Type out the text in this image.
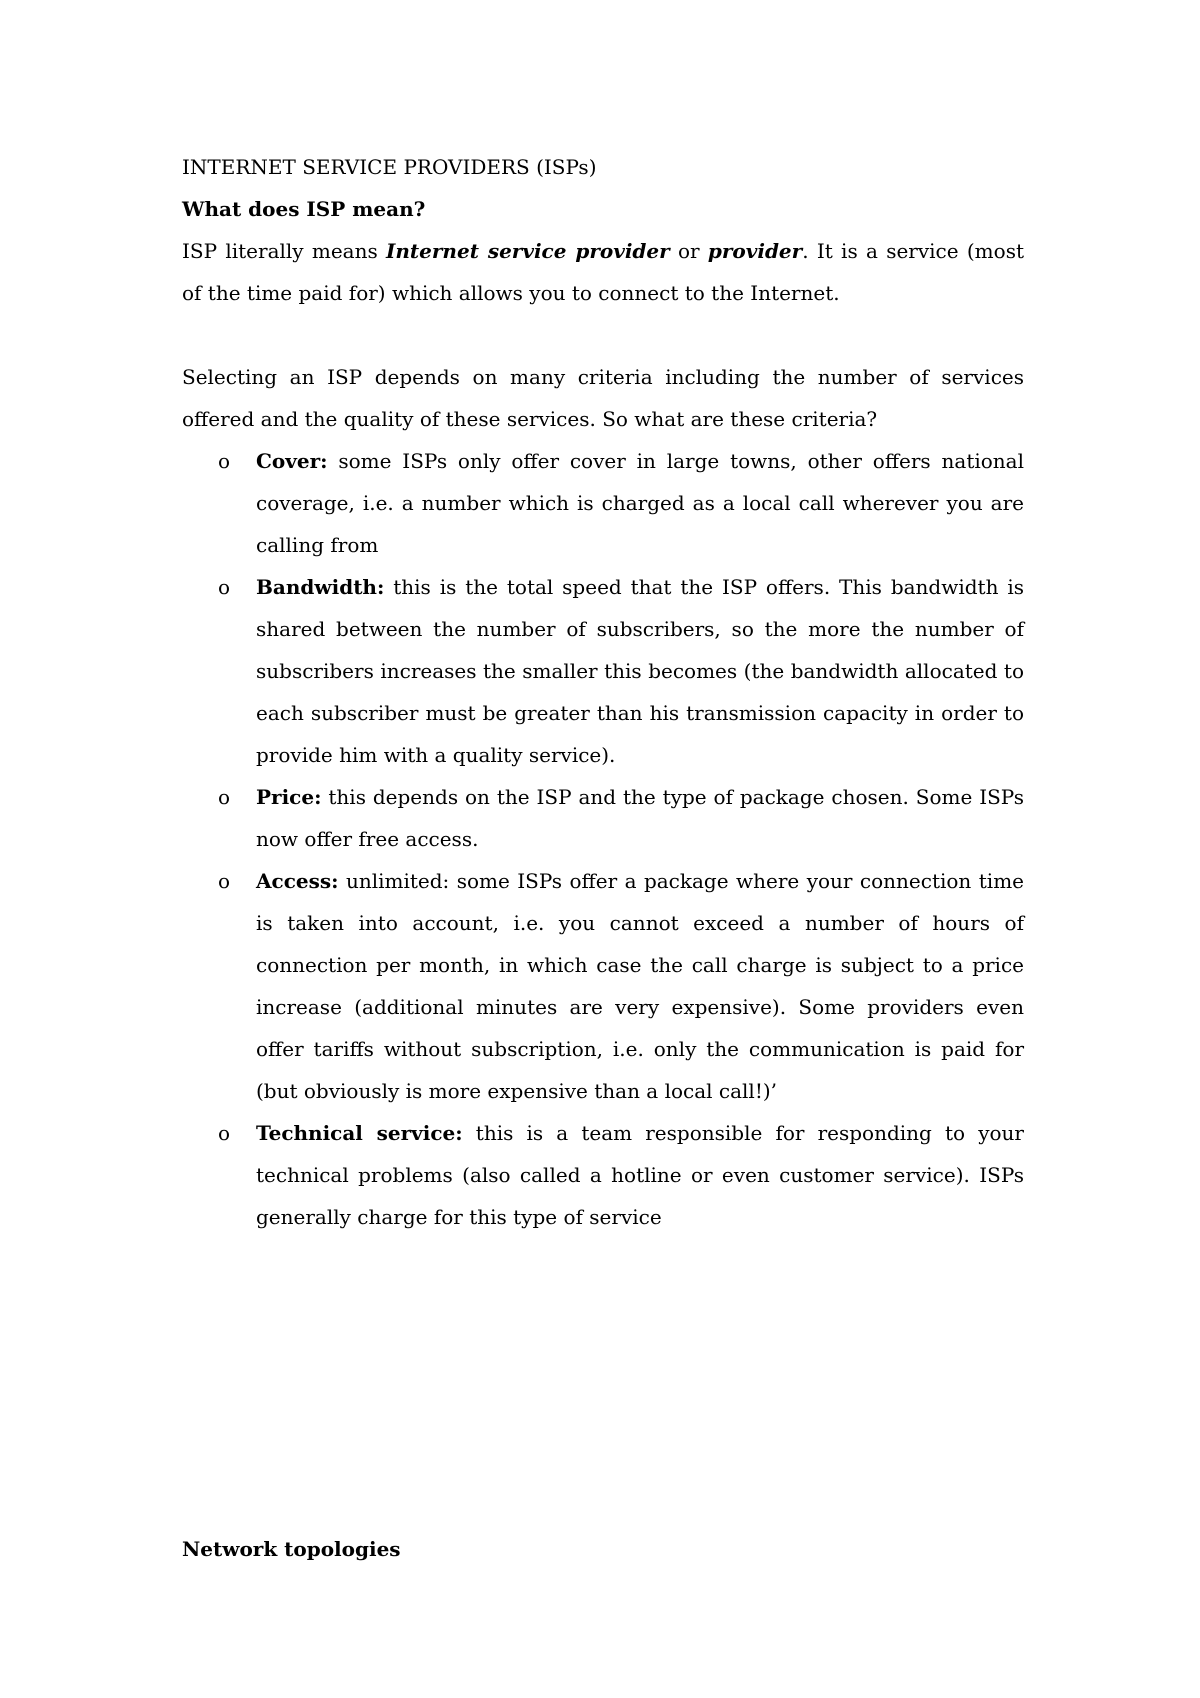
INTERNET SERVICE PROVIDERS (ISPs)
What does ISP mean?

ISP literally means Internet service provider or provider. It is a service (most of the time paid for) which allows you to connect to the Internet.

Selecting an ISP depends on many criteria including the number of services offered and the quality of these services. So what are these criteria?

o Cover: some ISPs only offer cover in large towns, other offers national coverage, i.e. a number which is charged as a local call wherever you are calling from
o Bandwidth: this is the total speed that the ISP offers. This bandwidth is shared between the number of subscribers, so the more the number of subscribers increases the smaller this becomes (the bandwidth allocated to each subscriber must be greater than his transmission capacity in order to provide him with a quality service).
o Price: this depends on the ISP and the type of package chosen. Some ISPs now offer free access.
o Access: unlimited: some ISPs offer a package where your connection time is taken into account, i.e. you cannot exceed a number of hours of connection per month, in which case the call charge is subject to a price increase (additional minutes are very expensive). Some providers even offer tariffs without subscription, i.e. only the communication is paid for (but obviously is more expensive than a local call!)’
o Technical service: this is a team responsible for responding to your technical problems (also called a hotline or even customer service). ISPs generally charge for this type of service
Network topologies
